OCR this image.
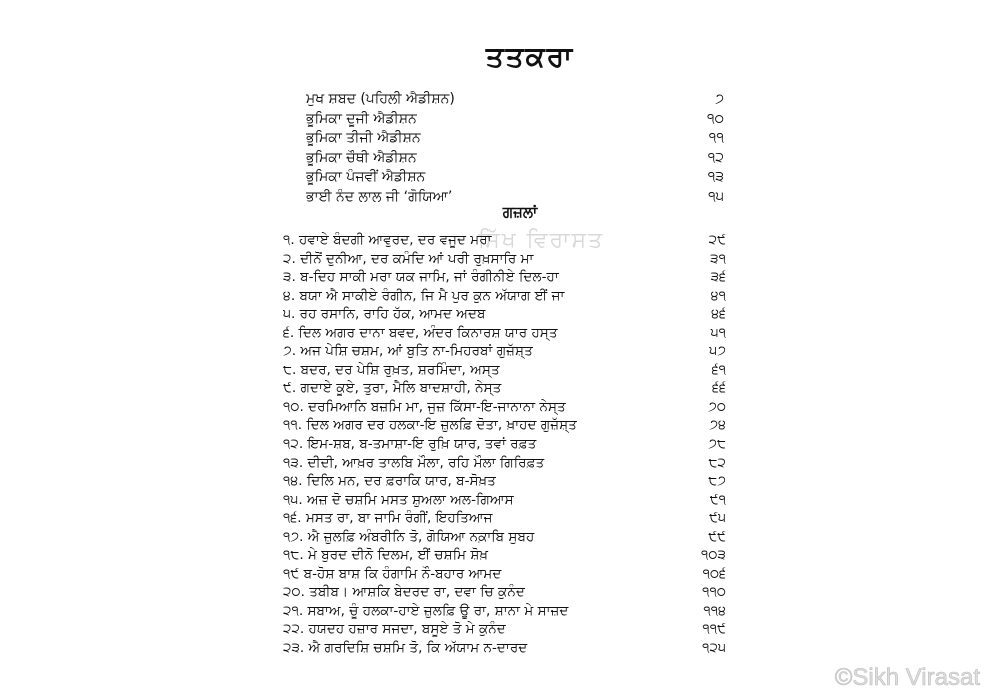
ਤਤਕਰਾ
ਮੁਖ ਸ਼ਬਦ (ਪਹਿਲੀ ਐਡੀਸ਼ਨ)	੭
ਭੂਮਿਕਾ ਦੂਜੀ ਐਡੀਸ਼ਨ	੧੦
ਭੂਮਿਕਾ ਤੀਜੀ ਐਡੀਸ਼ਨ	੧੧
ਭੂਮਿਕਾ ਚੌਥੀ ਐਡੀਸ਼ਨ	੧੨
ਭੂਮਿਕਾ ਪੰਜਵੀਂ ਐਡੀਸ਼ਨ	੧੩
ਭਾਈ ਨੰਦ ਲਾਲ ਜੀ ‘ਗੋਯਿਆ’	੧੫
ਗਜ਼ਲਾਂ
ਸਿੱਖ ਵਿਰਾਸਤ
੧. ਹਵਾਏ ਬੰਦਗੀ ਆਵੁਰਦ, ਦਰ ਵਜੂਦ ਮਰਾ	੨੯
੨. ਦੀਨੋਂ ਦੁਨੀਆ, ਦਰ ਕਮੰਦਿ ਆਂ ਪਰੀ ਰੁਖ਼ਸਾਰਿ ਮਾ	੩੧
੩. ਬ-ਦਿਹ ਸਾਕੀ ਮਰਾ ਯਕ ਜਾਮਿ, ਜਾਂ ਰੰਗੀਨੀਏ ਦਿਲ-ਹਾ	੩੬
੪. ਬਯਾ ਐ ਸਾਕੀਏ ਰੰਗੀਨ, ਜਿ ਮੈ ਪੁਰ ਕੁਨ ਅੱਯਾਗ ਈਂ ਜਾ	੪੧
੫. ਰਹ ਰਸਾਨਿ, ਰਾਹਿ ਹੱਕ, ਆਮਦ ਅਦਬ	੪੬
੬. ਦਿਲ ਅਗਰ ਦਾਨਾ ਬਵਦ, ਅੰਦਰ ਕਿਨਾਰਸ਼ ਯਾਰ ਹਸ੍ਤ	੫੧
੭. ਅਜ ਪੇਸ਼ਿ ਚਸ਼ਮ, ਆਂ ਬੁਤਿ ਨਾ-ਮਿਹਰਬਾਂ ਗੁਜ਼ੱਸ਼੍ਤ	੫੭
੮. ਬਦਰ, ਦਰ ਪੇਸ਼ਿ ਰੁਖ਼ਤ, ਸ਼ਰਮਿੰਦਾ, ਅਸ੍ਤ	੬੧
੯. ਗਦਾਏ ਕੂਏ, ਤੁਰਾ, ਮੈਲਿ ਬਾਦਸ਼ਾਹੀ, ਨੇਸ੍ਤ	੬੬
੧੦. ਦਰਮਿਆਨਿ ਬਜ਼ਮਿ ਮਾ, ਜੁਜ਼ ਕਿੱਸਾ-ਇ-ਜਾਨਾਨਾ ਨੇਸ੍ਤ	੭੦
੧੧. ਦਿਲ ਅਗਰ ਦਰ ਹਲਕਾ-ਇ ਜ਼ੁਲਫ਼ਿ ਦੋਤਾ, ਖ਼ਾਹਦ ਗੁਜ਼ੱਸ਼੍ਤ	੭੪
੧੨. ਇਮ-ਸ਼ਬ, ਬ-ਤਮਾਸ਼ਾ-ਇ ਰੁਖ਼ਿ ਯਾਰ, ਤਵਾਂ ਰਫ਼ਤ	੭੮
੧੩. ਦੀਦੀ, ਆਖ਼ਰ ਤਾਲਬਿ ਮੌਲਾ, ਰਹਿ ਮੌਲਾ ਗਿਰਿਫ਼ਤ	੮੨
੧੪. ਦਿਲਿ ਮਨ, ਦਰ ਫ਼ਰਾਕਿ ਯਾਰ, ਬ-ਸੋਖ਼ਤ	੮੭
੧੫. ਅਜ਼ ਦੋ ਚਸ਼ਮਿ ਮਸਤ ਸ਼ੁਅਲਾ ਅਲ-ਗਿਆਸ	੯੧
੧੬. ਮਸਤ ਰਾ, ਬਾ ਜਾਮਿ ਰੰਗੀਂ, ਇਹਤਿਆਜ	੯੫
੧੭. ਐ ਜ਼ੁਲਫ਼ਿ ਅੰਬਰੀਨਿ ਤੋ, ਗੋਯਿਆ ਨਕ਼ਾਬਿ ਸੁਬਹ	੯੯
੧੮. ਮੇ ਬੁਰਦ ਦੀਨੋ ਦਿਲਮ, ਈਂ ਚਸ਼ਮਿ ਸ਼ੋਖ਼	੧੦੩
੧੯ ਬ-ਹੋਸ਼ ਬਾਸ਼ ਕਿ ਹੰਗਾਮਿ ਨੌ-ਬਹਾਰ ਆਮਦ	੧੦੬
੨੦. ਤਬੀਬ। ਆਸ਼ਕਿ ਬੇਦਰਦ ਰਾ, ਦਵਾ ਚਿ ਕੁਨੰਦ	੧੧੦
੨੧. ਸਬਾਅ, ਚੂੰ ਹਲਕਾ-ਹਾਏ ਜ਼ੁਲਫ਼ਿ ਊ ਰਾ, ਸ਼ਾਨਾ ਮੇ ਸਾਜ਼ਦ	੧੧੪
੨੨. ਹਯਦਹ ਹਜ਼ਾਰ ਸਜਦਾ, ਬਸੂਏ ਤੋ ਮੇ ਕੁਨੰਦ	੧੧੯
੨੩. ਐ ਗਰਦਿਸ਼ਿ ਚਸ਼ਮਿ ਤੋ, ਕਿ ਅੱਯਾਮ ਨ-ਦਾਰਦ	੧੨੫
©Sikh Virasat
